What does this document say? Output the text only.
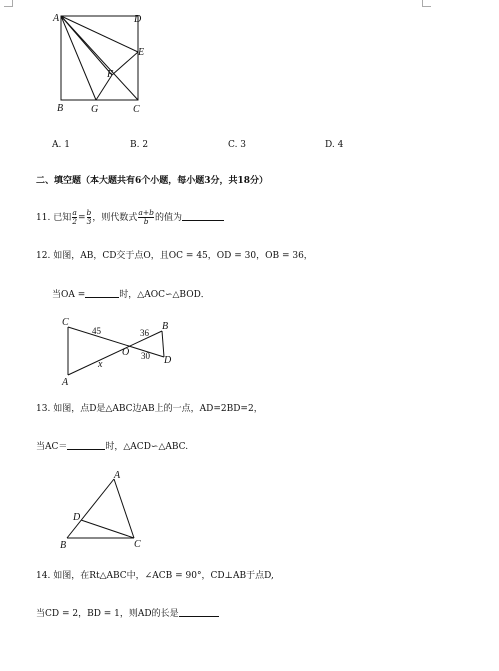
A	D
E
F
B	G	C
A. 1	B. 2	C. 3	D. 4
二、填空题（本大题共有6个小题，每小题3分，共18分）
11. 已知 $\frac{a}{2} = \frac{b}{3}$ ，则代数式 $\frac{a+b}{b}$ 的值为
12. 如图，AB，CD交于点O，且OC = 45，OD = 30，OB = 36，
当OA =	时，△AOC∽△BOD．
C
A
B
D
O
45	36
30
x
13. 如图，点D是△ABC边AB上的一点，AD=2BD=2，
当AC＝	时，△ACD∽△ABC.
A
D
B	C
14. 如图，在Rt△ABC中，∠ACB = 90°，CD⊥AB于点D,
当CD = 2，BD = 1，则AD的长是
